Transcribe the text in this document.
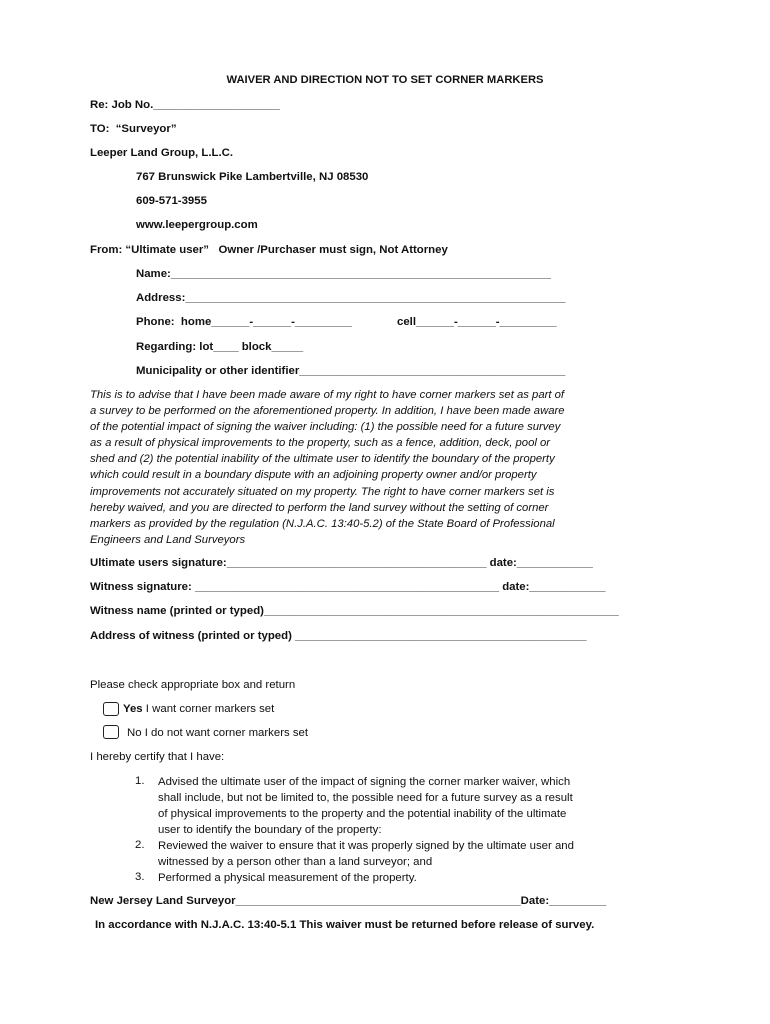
WAIVER AND DIRECTION NOT TO SET CORNER MARKERS
Re: Job No.____________________
TO:  “Surveyor”
Leeper Land Group, L.L.C.
767 Brunswick Pike Lambertville, NJ 08530
609-571-3955
www.leepergroup.com
From: “Ultimate user”   Owner /Purchaser must sign, Not Attorney
Name:____________________________________________________________
Address:____________________________________________________________
Phone:  home______-______-_________	cell______-______-_________
Regarding: lot____ block_____
Municipality or other identifier__________________________________________
This is to advise that I have been made aware of my right to have corner markers set as part of
a survey to be performed on the aforementioned property. In addition, I have been made aware
of the potential impact of signing the waiver including: (1) the possible need for a future survey
as a result of physical improvements to the property, such as a fence, addition, deck, pool or
shed and (2) the potential inability of the ultimate user to identify the boundary of the property
which could result in a boundary dispute with an adjoining property owner and/or property
improvements not accurately situated on my property. The right to have corner markers set is
hereby waived, and you are directed to perform the land survey without the setting of corner
markers as provided by the regulation (N.J.A.C. 13:40-5.2) of the State Board of Professional
Engineers and Land Surveyors
Ultimate users signature:_________________________________________ date:____________
Witness signature: ________________________________________________ date:____________
Witness name (printed or typed)________________________________________________________
Address of witness (printed or typed) ______________________________________________
Please check appropriate box and return
Yes I want corner markers set
No I do not want corner markers set
I hereby certify that I have:
1.	Advised the ultimate user of the impact of signing the corner marker waiver, which
shall include, but not be limited to, the possible need for a future survey as a result
of physical improvements to the property and the potential inability of the ultimate
user to identify the boundary of the property:
2.	Reviewed the waiver to ensure that it was properly signed by the ultimate user and
witnessed by a person other than a land surveyor; and
3.	Performed a physical measurement of the property.
New Jersey Land Surveyor_____________________________________________Date:_________
In accordance with N.J.A.C. 13:40-5.1 This waiver must be returned before release of survey.
